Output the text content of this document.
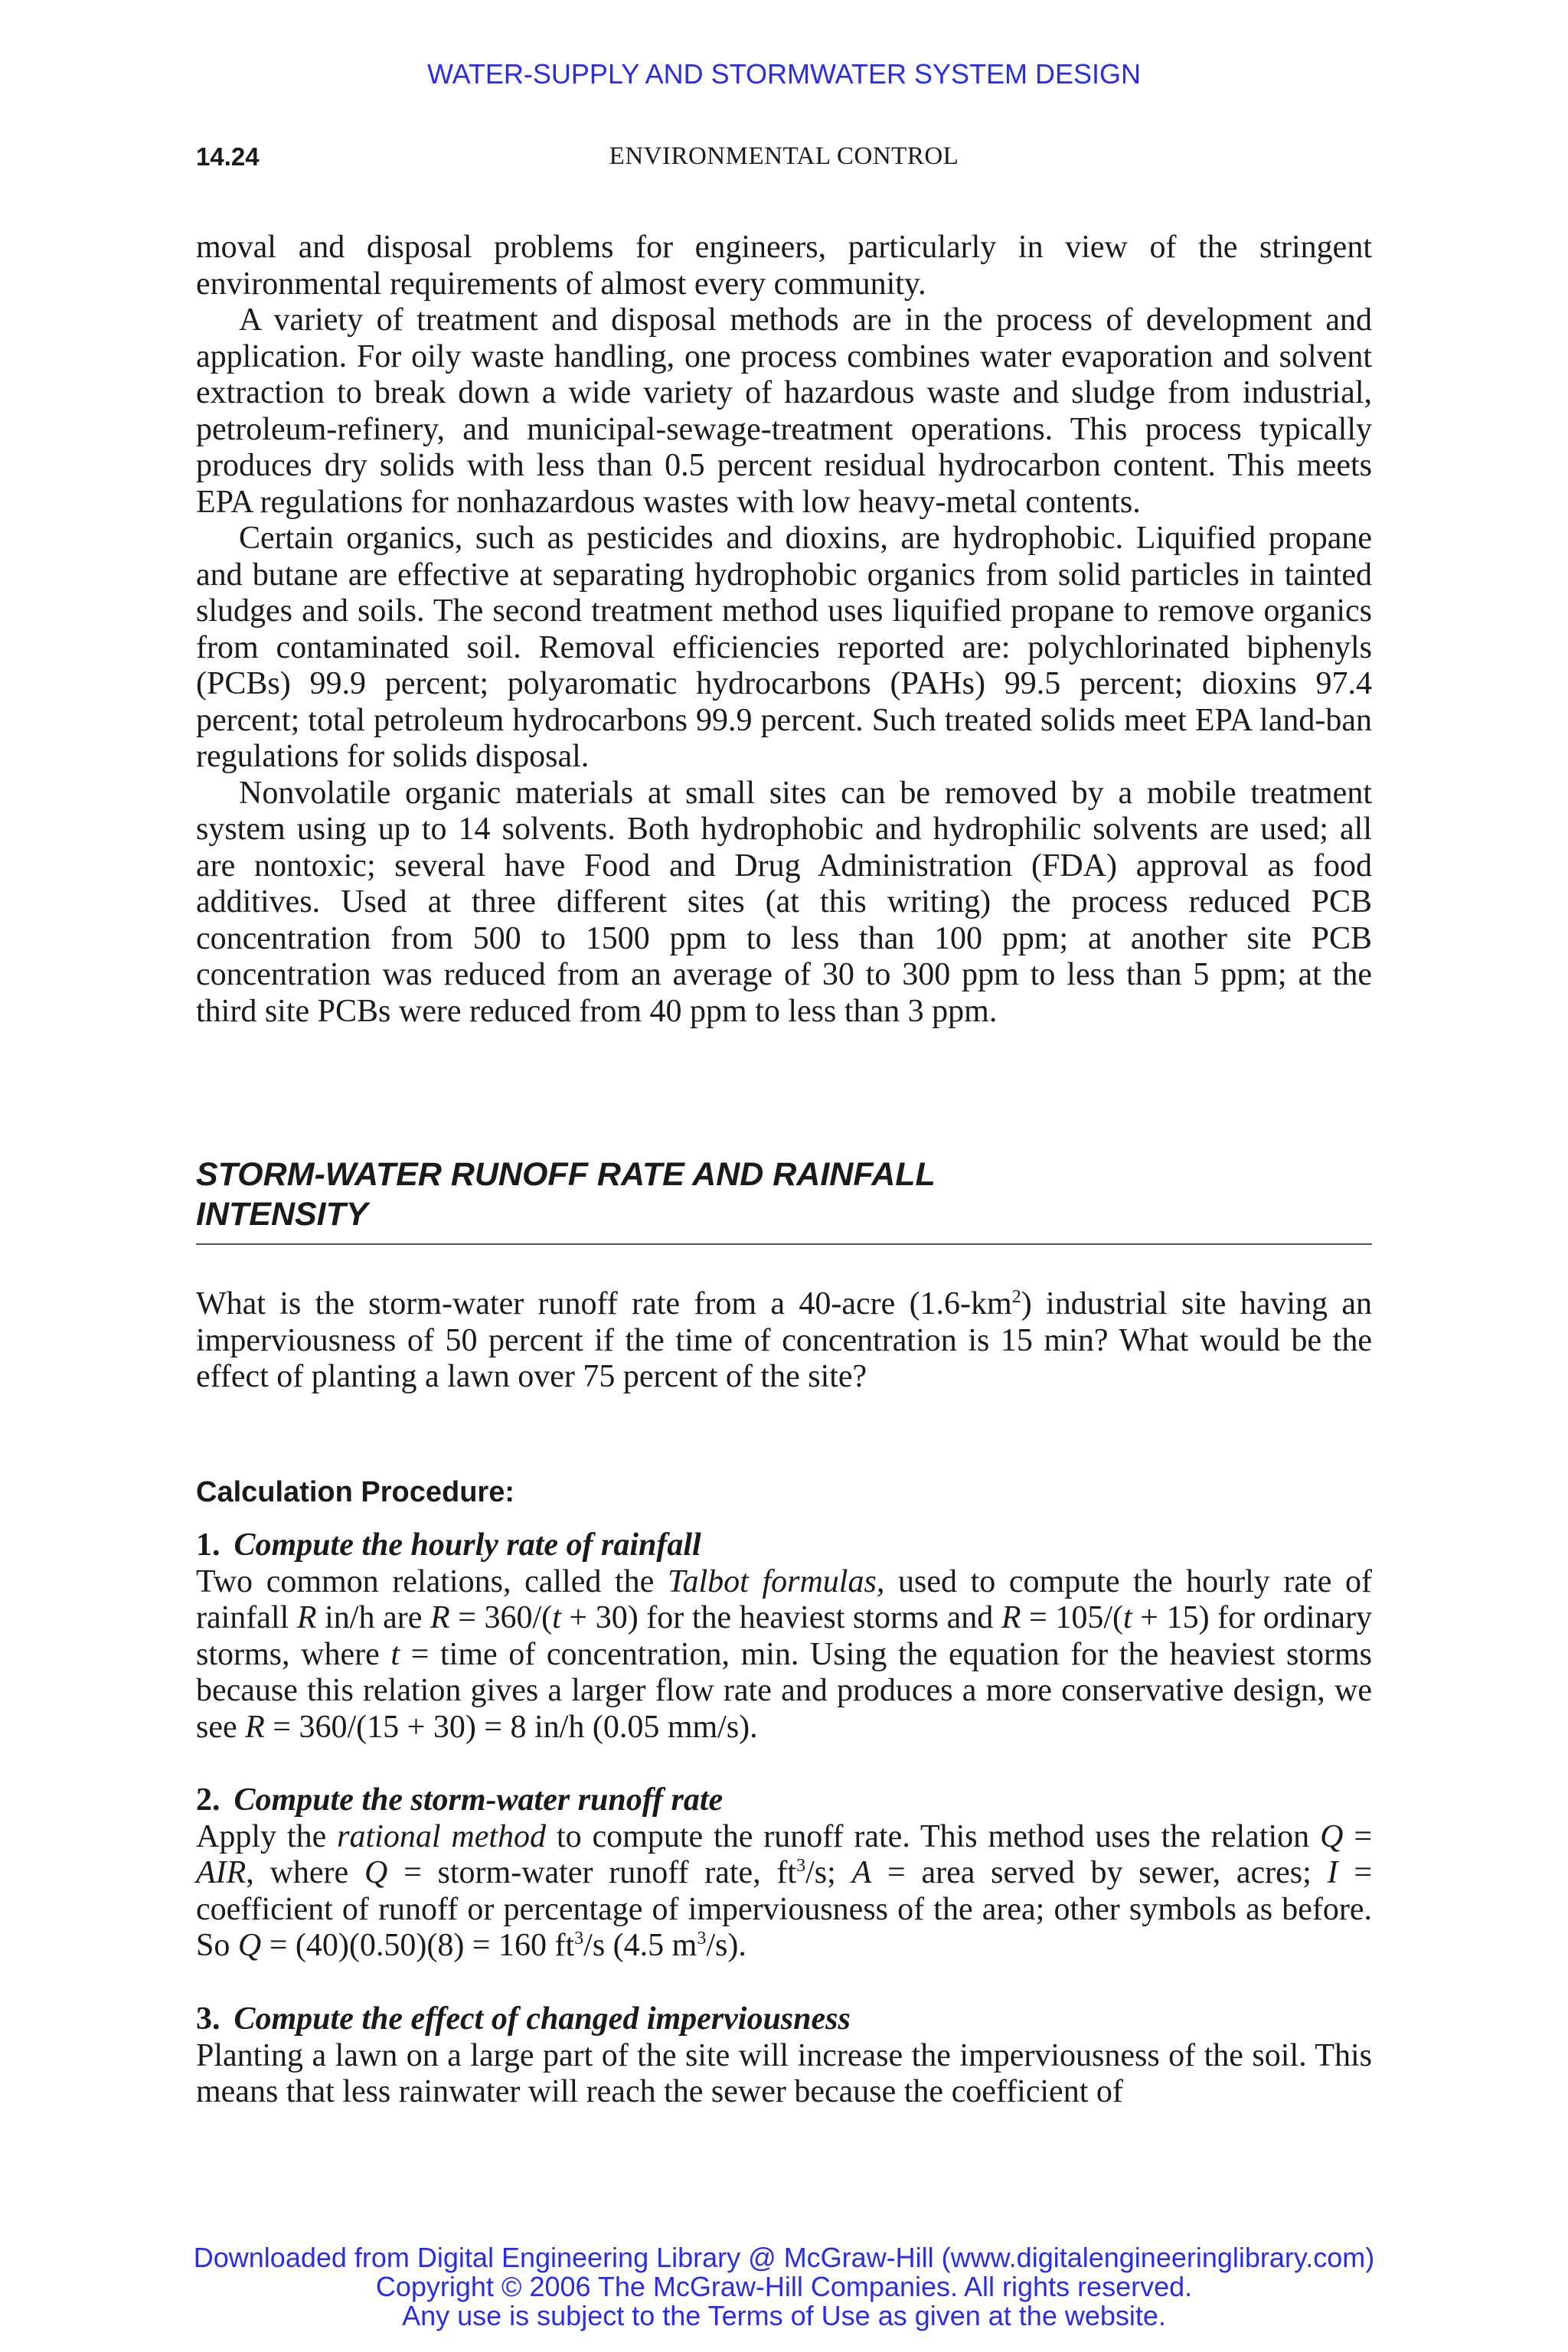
WATER-SUPPLY AND STORMWATER SYSTEM DESIGN
14.24	ENVIRONMENTAL CONTROL

moval and disposal problems for engineers, particularly in view of the stringent environmental requirements of almost every community.

A variety of treatment and disposal methods are in the process of development and application. For oily waste handling, one process combines water evaporation and solvent extraction to break down a wide variety of hazardous waste and sludge from industrial, petroleum-refinery, and municipal-sewage-treatment operations. This process typically produces dry solids with less than 0.5 percent residual hydrocarbon content. This meets EPA regulations for nonhazardous wastes with low heavy-metal contents.

Certain organics, such as pesticides and dioxins, are hydrophobic. Liquified propane and butane are effective at separating hydrophobic organics from solid particles in tainted sludges and soils. The second treatment method uses liquified propane to remove organics from contaminated soil. Removal efficiencies reported are: polychlorinated biphenyls (PCBs) 99.9 percent; polyaromatic hydrocarbons (PAHs) 99.5 percent; dioxins 97.4 percent; total petroleum hydrocarbons 99.9 percent. Such treated solids meet EPA land-ban regulations for solids disposal.

Nonvolatile organic materials at small sites can be removed by a mobile treatment system using up to 14 solvents. Both hydrophobic and hydrophilic solvents are used; all are nontoxic; several have Food and Drug Administration (FDA) approval as food additives. Used at three different sites (at this writing) the process reduced PCB concentration from 500 to 1500 ppm to less than 100 ppm; at another site PCB concentration was reduced from an average of 30 to 300 ppm to less than 5 ppm; at the third site PCBs were reduced from 40 ppm to less than 3 ppm.

STORM-WATER RUNOFF RATE AND RAINFALL
INTENSITY

What is the storm-water runoff rate from a 40-acre $(1.6-km^2)$ industrial site having an imperviousness of 50 percent if the time of concentration is 15 min? What would be the effect of planting a lawn over 75 percent of the site?

Calculation Procedure:
1. Compute the hourly rate of rainfall

Two common relations, called the Talbot formulas, used to compute the hourly rate of rainfall R in/h are R = 360/(t + 30) for the heaviest storms and R = 105/(t + 15) for ordinary storms, where t = time of concentration, min. Using the equation for the heaviest storms because this relation gives a larger flow rate and produces a more conservative design, we see R = 360/(15 + 30) = 8 in/h (0.05 mm/s).

2. Compute the storm-water runoff rate

Apply the rational method to compute the runoff rate. This method uses the relation Q = AIR, where Q = storm-water runoff rate, $ft^3/s$; A = area served by sewer, acres; I = coefficient of runoff or percentage of imperviousness of the area; other symbols as before. So Q = (40)(0.50)(8) = 160 $ft^3/s$ (4.5 $m^3/s$).

3. Compute the effect of changed imperviousness

Planting a lawn on a large part of the site will increase the imperviousness of the soil. This means that less rainwater will reach the sewer because the coefficient of

Downloaded from Digital Engineering Library @ McGraw-Hill (www.digitalengineeringlibrary.com)
Copyright © 2006 The McGraw-Hill Companies. All rights reserved.
Any use is subject to the Terms of Use as given at the website.
